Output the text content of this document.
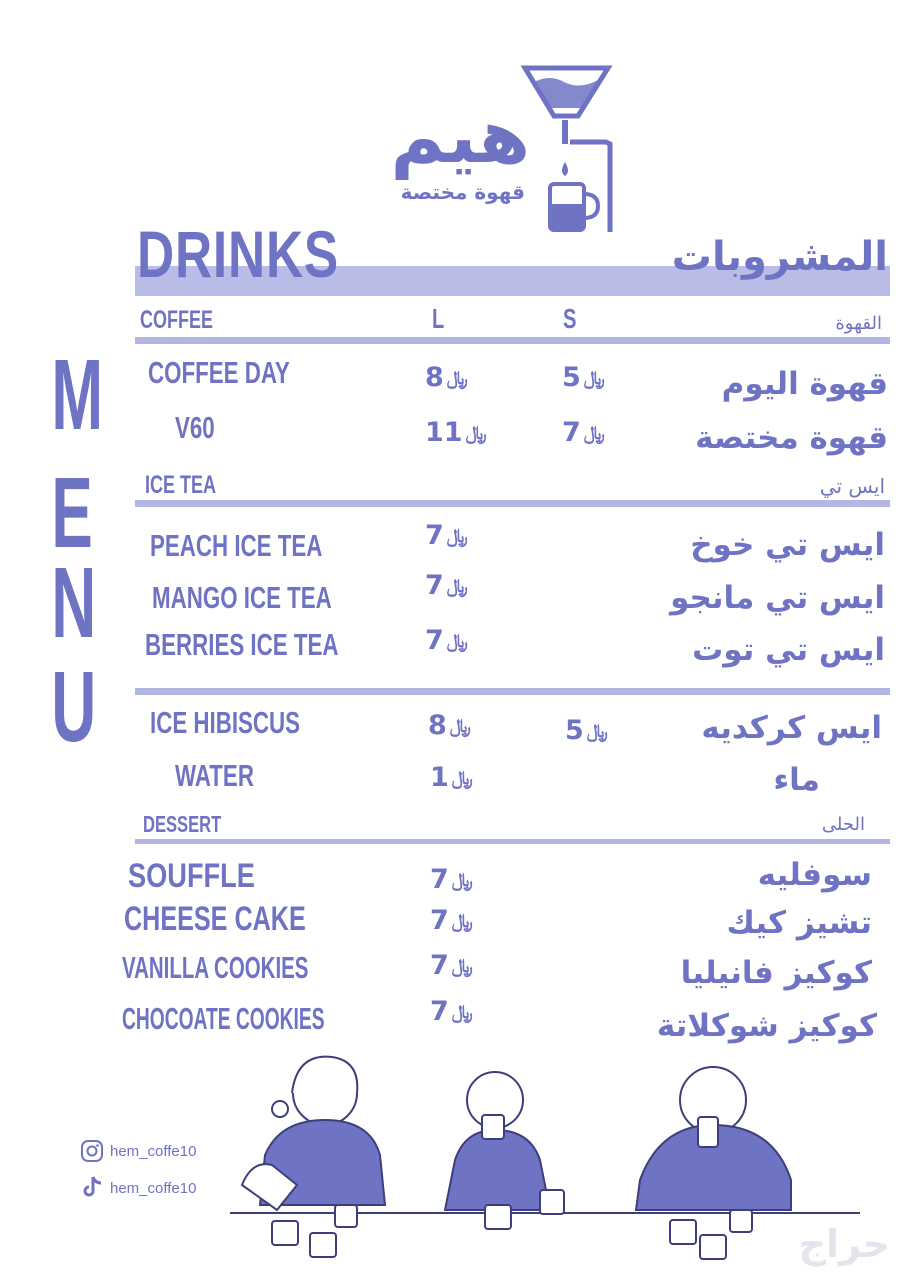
هيم
قهوة مختصة
M
E
N
U
DRINKS	المشروبات
COFFEE	L	S	القهوة
COFFEE DAY	8 ﷼	5 ﷼	قهوة اليوم
V60	11 ﷼	7 ﷼	قهوة مختصة
ICE TEA	ايس تي
PEACH ICE TEA	7 ﷼	ايس تي خوخ
MANGO ICE TEA	7 ﷼	ايس تي مانجو
BERRIES ICE TEA	7 ﷼	ايس تي توت
ICE HIBISCUS	8 ﷼	5 ﷼	ايس كركديه
WATER	1 ﷼	ماء
DESSERT	الحلى
SOUFFLE	7 ﷼	سوفليه
CHEESE CAKE	7 ﷼	تشيز كيك
VANILLA COOKIES	7 ﷼	كوكيز فانيليا
CHOCOATE COOKIES	7 ﷼	كوكيز شوكلاتة
hem_coffe10
hem_coffe10
حراج
